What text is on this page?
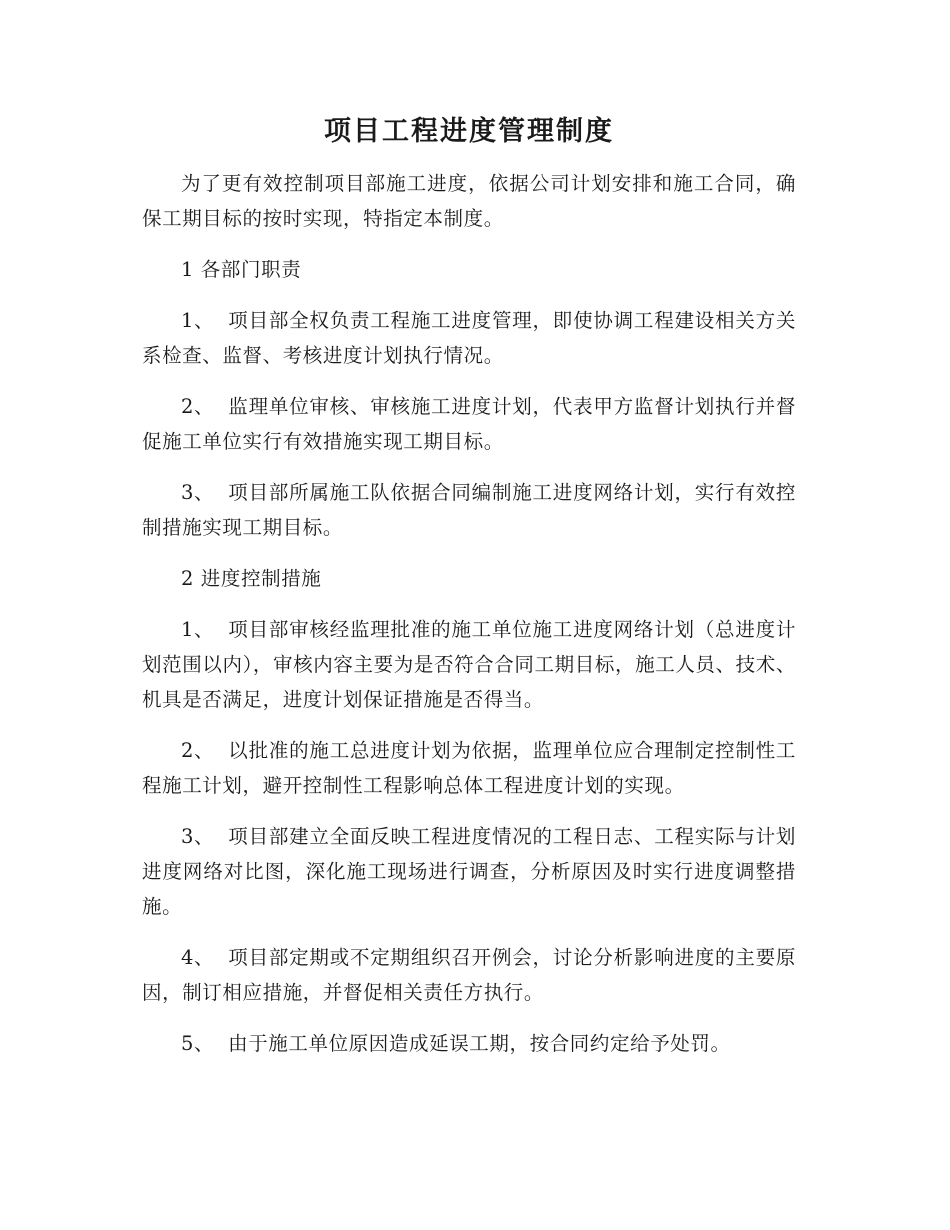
项目工程进度管理制度

为了更有效控制项目部施工进度，依据公司计划安排和施工合同，确保工期目标的按时实现，特指定本制度。

1 各部门职责

1、 项目部全权负责工程施工进度管理，即使协调工程建设相关方关系检查、监督、考核进度计划执行情况。

2、 监理单位审核、审核施工进度计划，代表甲方监督计划执行并督促施工单位实行有效措施实现工期目标。

3、 项目部所属施工队依据合同编制施工进度网络计划，实行有效控制措施实现工期目标。

2 进度控制措施

1、 项目部审核经监理批准的施工单位施工进度网络计划（总进度计划范围以内），审核内容主要为是否符合合同工期目标，施工人员、技术、机具是否满足，进度计划保证措施是否得当。

2、 以批准的施工总进度计划为依据，监理单位应合理制定控制性工程施工计划，避开控制性工程影响总体工程进度计划的实现。

3、 项目部建立全面反映工程进度情况的工程日志、工程实际与计划进度网络对比图，深化施工现场进行调查，分析原因及时实行进度调整措施。

4、 项目部定期或不定期组织召开例会，讨论分析影响进度的主要原因，制订相应措施，并督促相关责任方执行。

5、 由于施工单位原因造成延误工期，按合同约定给予处罚。
